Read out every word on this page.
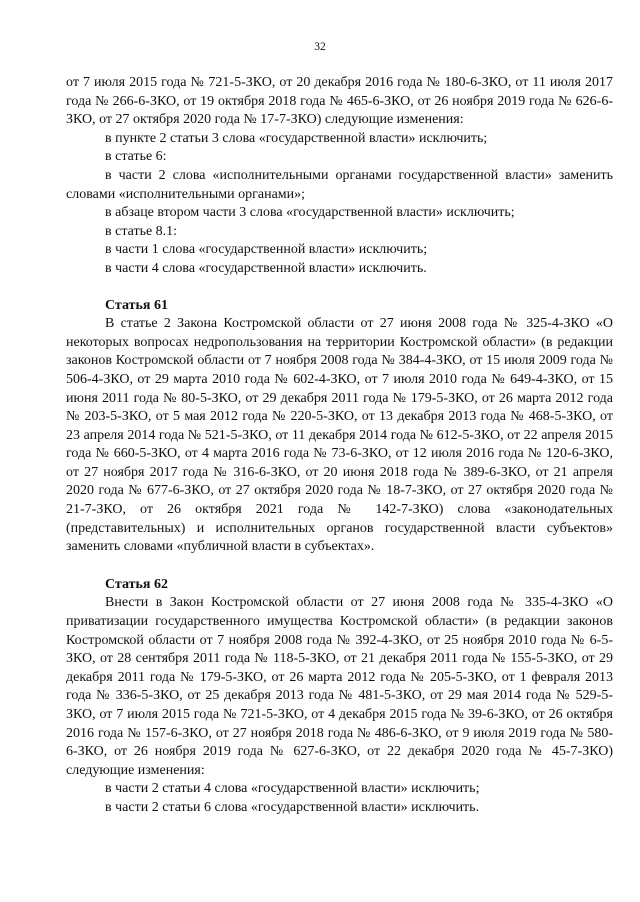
32

от 7 июля 2015 года № 721-5-ЗКО, от 20 декабря 2016 года № 180-6-ЗКО, от 11 июля 2017 года № 266-6-ЗКО, от 19 октября 2018 года № 465-6-ЗКО, от 26 ноября 2019 года № 626-6-ЗКО, от 27 октября 2020 года № 17-7-ЗКО) следующие изменения:

в пункте 2 статьи 3 слова «государственной власти» исключить;

в статье 6:

в части 2 слова «исполнительными органами государственной власти» заменить словами «исполнительными органами»;

в абзаце втором части 3 слова «государственной власти» исключить;

в статье 8.1:

в части 1 слова «государственной власти» исключить;

в части 4 слова «государственной власти» исключить.

Статья 61

В статье 2 Закона Костромской области от 27 июня 2008 года № 325-4-ЗКО «О некоторых вопросах недропользования на территории Костромской области» (в редакции законов Костромской области от 7 ноября 2008 года № 384-4-ЗКО, от 15 июля 2009 года № 506-4-ЗКО, от 29 марта 2010 года № 602-4-ЗКО, от 7 июля 2010 года № 649-4-ЗКО, от 15 июня 2011 года № 80-5-ЗКО, от 29 декабря 2011 года № 179-5-ЗКО, от 26 марта 2012 года № 203-5-ЗКО, от 5 мая 2012 года № 220-5-ЗКО, от 13 декабря 2013 года № 468-5-ЗКО, от 23 апреля 2014 года № 521-5-ЗКО, от 11 декабря 2014 года № 612-5-ЗКО, от 22 апреля 2015 года № 660-5-ЗКО, от 4 марта 2016 года № 73-6-ЗКО, от 12 июля 2016 года № 120-6-ЗКО, от 27 ноября 2017 года № 316-6-ЗКО, от 20 июня 2018 года № 389-6-ЗКО, от 21 апреля 2020 года № 677-6-ЗКО, от 27 октября 2020 года № 18-7-ЗКО, от 27 октября 2020 года № 21-7-ЗКО, от 26 октября 2021 года № 142-7-ЗКО) слова «законодательных (представительных) и исполнительных органов государственной власти субъектов» заменить словами «публичной власти в субъектах».

Статья 62

Внести в Закон Костромской области от 27 июня 2008 года № 335-4-ЗКО «О приватизации государственного имущества Костромской области» (в редакции законов Костромской области от 7 ноября 2008 года № 392-4-ЗКО, от 25 ноября 2010 года № 6-5-ЗКО, от 28 сентября 2011 года № 118-5-ЗКО, от 21 декабря 2011 года № 155-5-ЗКО, от 29 декабря 2011 года № 179-5-ЗКО, от 26 марта 2012 года № 205-5-ЗКО, от 1 февраля 2013 года № 336-5-ЗКО, от 25 декабря 2013 года № 481-5-ЗКО, от 29 мая 2014 года № 529-5-ЗКО, от 7 июля 2015 года № 721-5-ЗКО, от 4 декабря 2015 года № 39-6-ЗКО, от 26 октября 2016 года № 157-6-ЗКО, от 27 ноября 2018 года № 486-6-ЗКО, от 9 июля 2019 года № 580-6-ЗКО, от 26 ноября 2019 года № 627-6-ЗКО, от 22 декабря 2020 года № 45-7-ЗКО) следующие изменения:

в части 2 статьи 4 слова «государственной власти» исключить;

в части 2 статьи 6 слова «государственной власти» исключить.
